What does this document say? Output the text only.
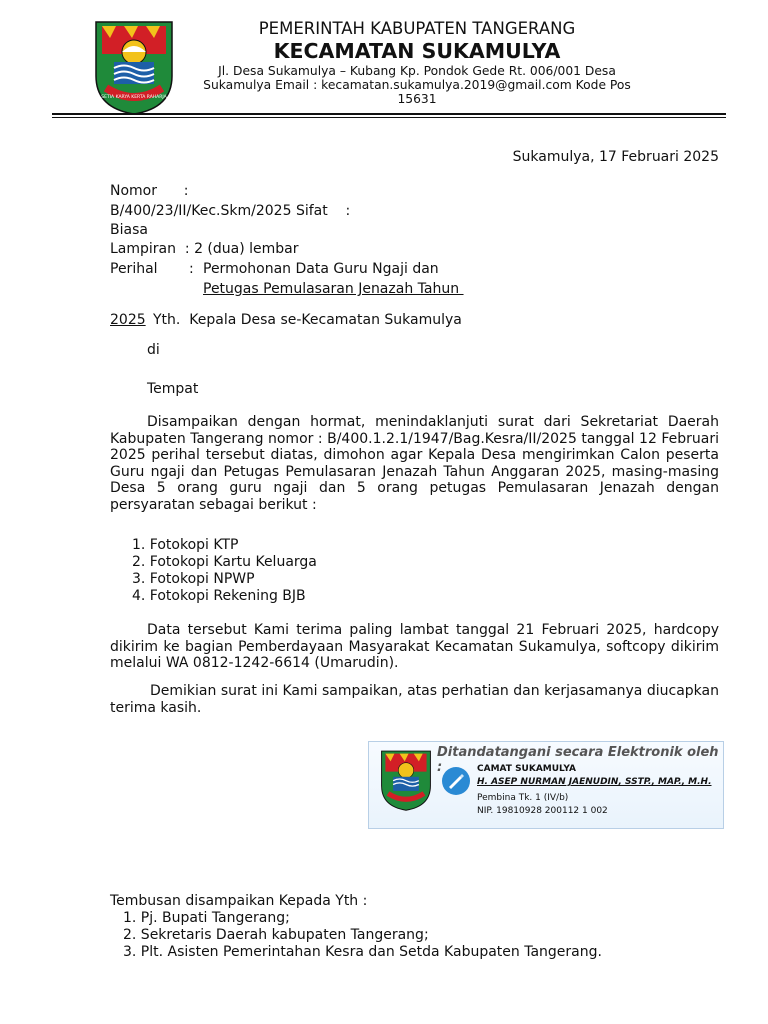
SETIA KARYA KERTA RAHARJA
PEMERINTAH KABUPATEN TANGERANG
KECAMATAN SUKAMULYA
Jl. Desa Sukamulya – Kubang Kp. Pondok Gede Rt. 006/001 Desa
Sukamulya Email : kecamatan.sukamulya.2019@gmail.com Kode Pos
15631
Sukamulya, 17 Februari 2025
Nomor      :
B/400/23/II/Kec.Skm/2025 Sifat    :
Biasa
Lampiran  : 2 (dua) lembar
Perihal : Permohonan Data Guru Ngaji dan
Petugas Pemulasaran Jenazah Tahun
2025 Yth.  Kepala Desa se-Kecamatan Sukamulya
di
Tempat
Disampaikan dengan hormat, menindaklanjuti surat dari Sekretariat Daerah Kabupaten Tangerang nomor : B/400.1.2.1/1947/Bag.Kesra/II/2025 tanggal 12 Februari 2025 perihal tersebut diatas, dimohon agar Kepala Desa mengirimkan Calon peserta Guru ngaji dan Petugas Pemulasaran Jenazah Tahun Anggaran 2025, masing-masing Desa 5 orang guru ngaji dan 5 orang petugas Pemulasaran Jenazah dengan persyaratan sebagai berikut :
1. Fotokopi KTP
2. Fotokopi Kartu Keluarga
3. Fotokopi NPWP
4. Fotokopi Rekening BJB
Data tersebut Kami terima paling lambat tanggal 21 Februari 2025, hardcopy dikirim ke bagian Pemberdayaan Masyarakat Kecamatan Sukamulya, softcopy dikirim melalui WA 0812-1242-6614 (Umarudin).
Demikian surat ini Kami sampaikan, atas perhatian dan kerjasamanya diucapkan terima kasih.
Ditandatangani secara Elektronik oleh :	CAMAT SUKAMULYA
H. ASEP NURMAN JAENUDIN, SSTP., MAP., M.H.
Pembina Tk. 1 (IV/b)
NIP. 19810928 200112 1 002
Tembusan disampaikan Kepada Yth :
1. Pj. Bupati Tangerang;
2. Sekretaris Daerah kabupaten Tangerang;
3. Plt. Asisten Pemerintahan Kesra dan Setda Kabupaten Tangerang.
